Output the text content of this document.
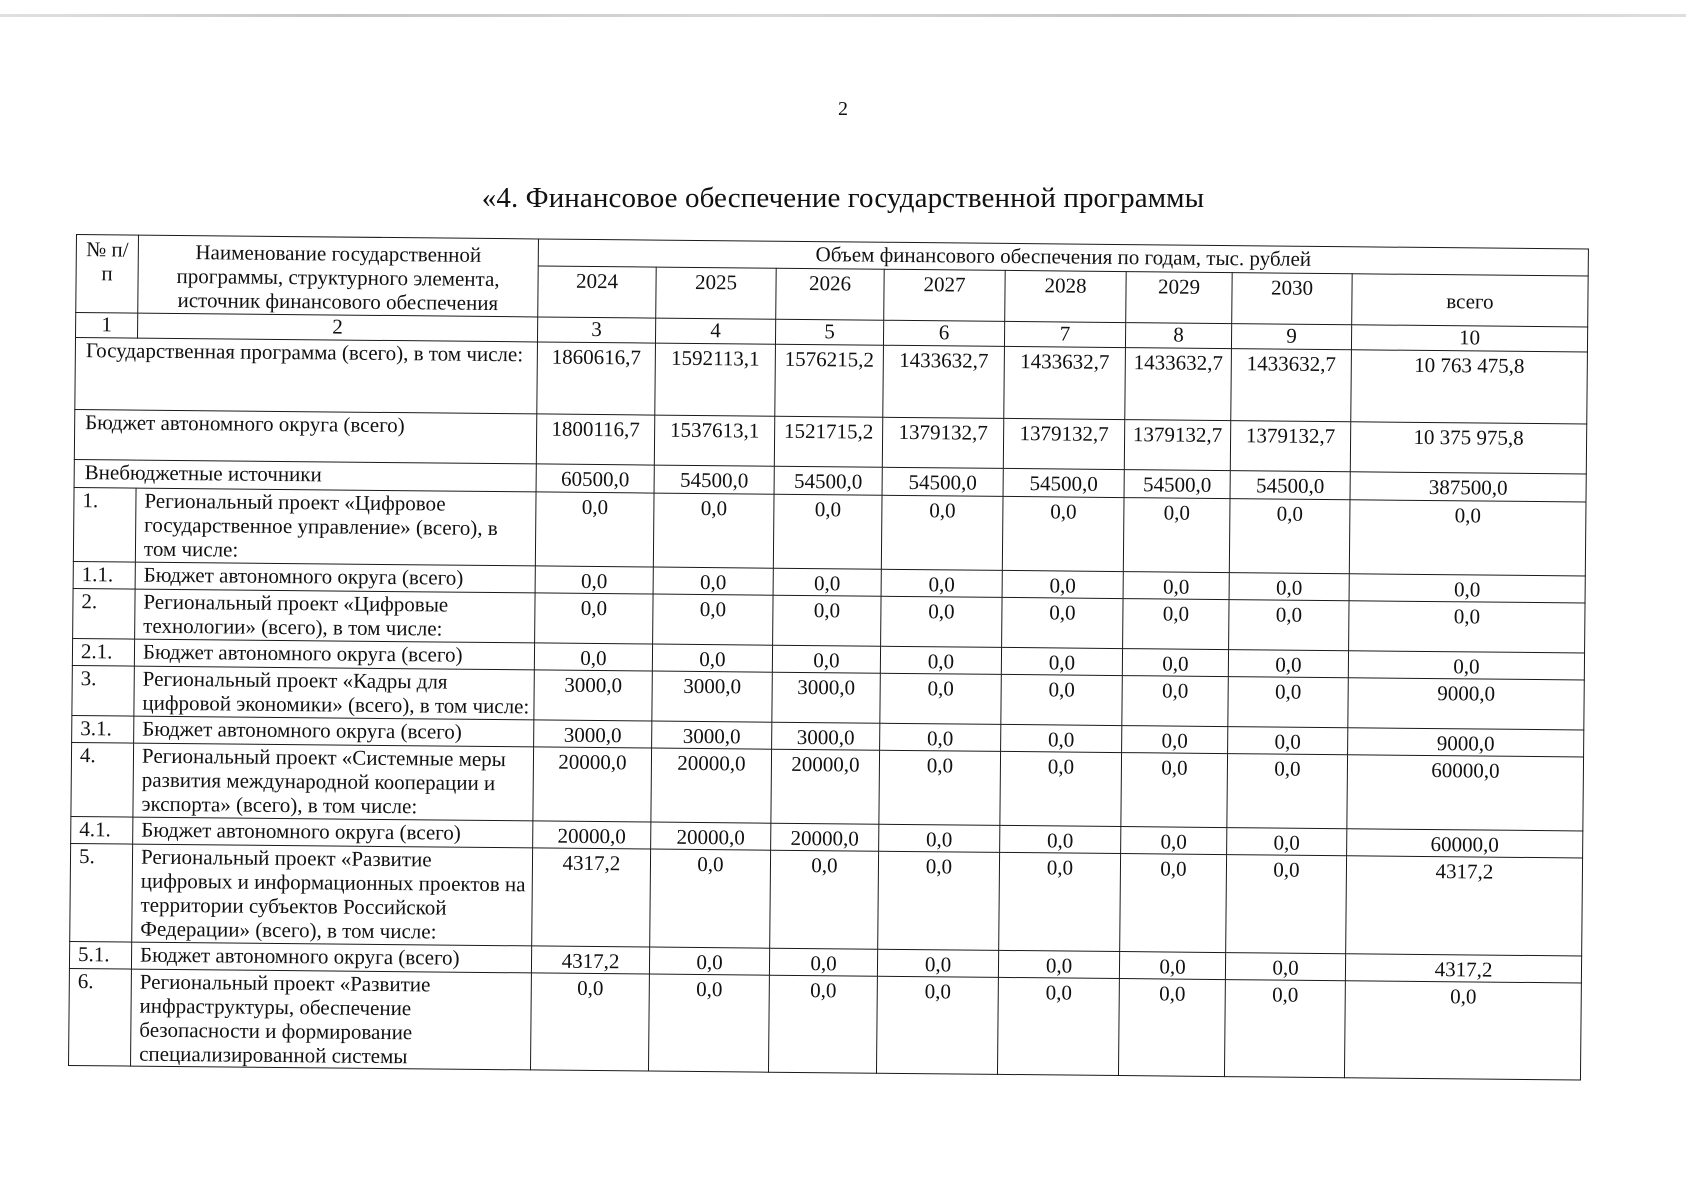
2
«4. Финансовое обеспечение государственной программы
№ п/п	Наименование государственной программы, структурного элемента, источник финансового обеспечения	Объем финансового обеспечения по годам, тыс. рублей							
		2024	2025	2026	2027	2028	2029	2030	всего
1	2	3	4	5	6	7	8	9	10
Государственная программа (всего), в том числе:		1860616,7	1592113,1	1576215,2	1433632,7	1433632,7	1433632,7	1433632,7	10 763 475,8
Бюджет автономного округа (всего)		1800116,7	1537613,1	1521715,2	1379132,7	1379132,7	1379132,7	1379132,7	10 375 975,8
Внебюджетные источники		60500,0	54500,0	54500,0	54500,0	54500,0	54500,0	54500,0	387500,0
1.	Региональный проект «Цифровое государственное управление» (всего), в том числе:	0,0	0,0	0,0	0,0	0,0	0,0	0,0	0,0
1.1.	Бюджет автономного округа (всего)	0,0	0,0	0,0	0,0	0,0	0,0	0,0	0,0
2.	Региональный проект «Цифровые технологии» (всего), в том числе:	0,0	0,0	0,0	0,0	0,0	0,0	0,0	0,0
2.1.	Бюджет автономного округа (всего)	0,0	0,0	0,0	0,0	0,0	0,0	0,0	0,0
3.	Региональный проект «Кадры для цифровой экономики» (всего), в том числе:	3000,0	3000,0	3000,0	0,0	0,0	0,0	0,0	9000,0
3.1.	Бюджет автономного округа (всего)	3000,0	3000,0	3000,0	0,0	0,0	0,0	0,0	9000,0
4.	Региональный проект «Системные меры развития международной кооперации и экспорта» (всего), в том числе:	20000,0	20000,0	20000,0	0,0	0,0	0,0	0,0	60000,0
4.1.	Бюджет автономного округа (всего)	20000,0	20000,0	20000,0	0,0	0,0	0,0	0,0	60000,0
5.	Региональный проект «Развитие цифровых и информационных проектов на территории субъектов Российской Федерации» (всего), в том числе:	4317,2	0,0	0,0	0,0	0,0	0,0	0,0	4317,2
5.1.	Бюджет автономного округа (всего)	4317,2	0,0	0,0	0,0	0,0	0,0	0,0	4317,2
6.	Региональный проект «Развитие инфраструктуры, обеспечение безопасности и формирование специализированной системы	0,0	0,0	0,0	0,0	0,0	0,0	0,0	0,0
